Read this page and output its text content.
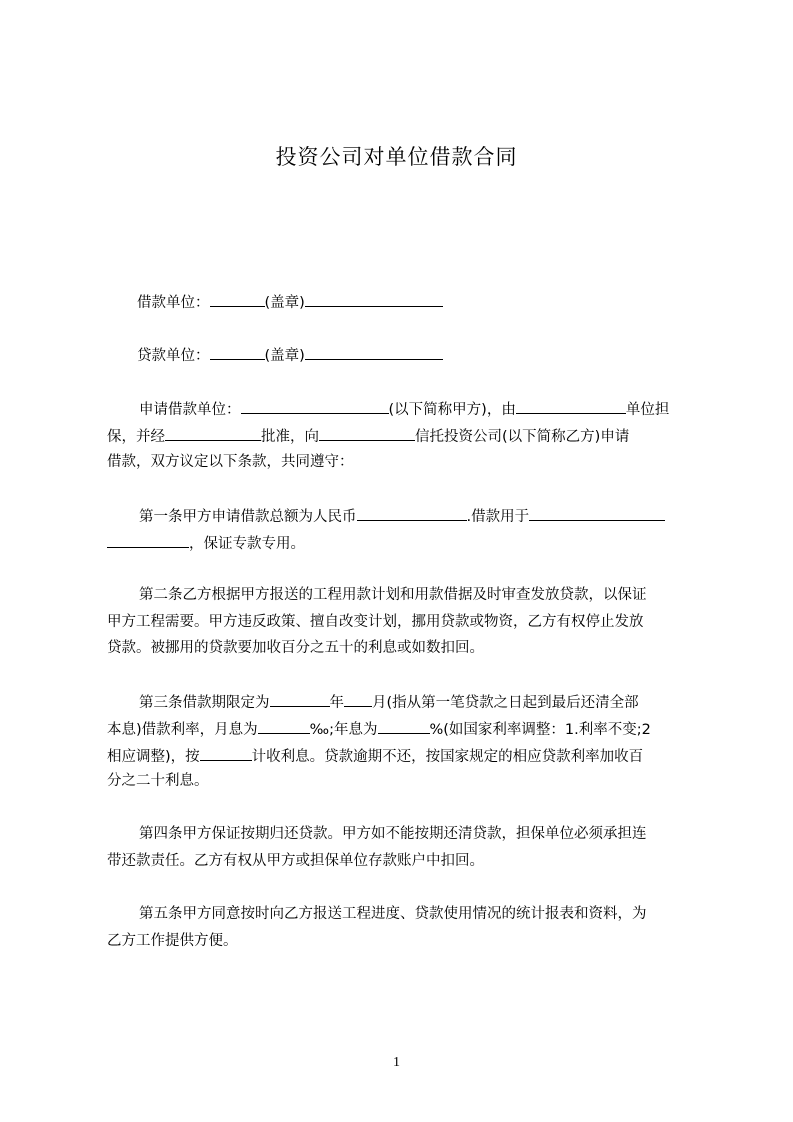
投资公司对单位借款合同
借款单位：	(盖章)
贷款单位：	(盖章)
申请借款单位：	(以下简称甲方)，由	单位担
保，并经	批准，向	信托投资公司(以下简称乙方)申请
借款，双方议定以下条款，共同遵守：
第一条甲方申请借款总额为人民币	.借款用于
，保证专款专用。
第二条乙方根据甲方报送的工程用款计划和用款借据及时审查发放贷款，以保证
甲方工程需要。甲方违反政策、擅自改变计划，挪用贷款或物资，乙方有权停止发放
贷款。被挪用的贷款要加收百分之五十的利息或如数扣回。
第三条借款期限定为	年 月(指从第一笔贷款之日起到最后还清全部
本息)借款利率，月息为	‰;年息为	%(如国家利率调整：1.利率不变;2
相应调整)，按	计收利息。贷款逾期不还，按国家规定的相应贷款利率加收百
分之二十利息。
第四条甲方保证按期归还贷款。甲方如不能按期还清贷款，担保单位必须承担连
带还款责任。乙方有权从甲方或担保单位存款账户中扣回。
第五条甲方同意按时向乙方报送工程进度、贷款使用情况的统计报表和资料，为
乙方工作提供方便。
1
